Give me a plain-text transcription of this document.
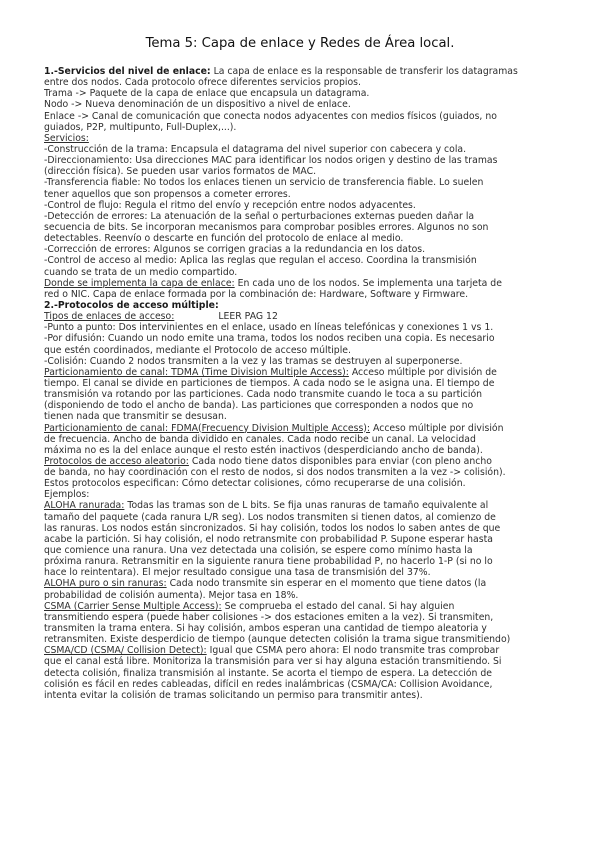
Tema 5: Capa de enlace y Redes de Área local.
1.-Servicios del nivel de enlace: La capa de enlace es la responsable de transferir los datagramas
entre dos nodos. Cada protocolo ofrece diferentes servicios propios.
Trama -> Paquete de la capa de enlace que encapsula un datagrama.
Nodo -> Nueva denominación de un dispositivo a nivel de enlace.
Enlace -> Canal de comunicación que conecta nodos adyacentes con medios físicos (guiados, no
guiados, P2P, multipunto, Full-Duplex,...).
Servicios:
-Construcción de la trama: Encapsula el datagrama del nivel superior con cabecera y cola.
-Direccionamiento: Usa direcciones MAC para identificar los nodos origen y destino de las tramas
(dirección física). Se pueden usar varios formatos de MAC.
-Transferencia fiable: No todos los enlaces tienen un servicio de transferencia fiable. Lo suelen
tener aquellos que son propensos a cometer errores.
-Control de flujo: Regula el ritmo del envío y recepción entre nodos adyacentes.
-Detección de errores: La atenuación de la señal o perturbaciones externas pueden dañar la
secuencia de bits. Se incorporan mecanismos para comprobar posibles errores. Algunos no son
detectables. Reenvío o descarte en función del protocolo de enlace al medio.
-Corrección de errores: Algunos se corrigen gracias a la redundancia en los datos.
-Control de acceso al medio: Aplica las reglas que regulan el acceso. Coordina la transmisión
cuando se trata de un medio compartido.
Donde se implementa la capa de enlace: En cada uno de los nodos. Se implementa una tarjeta de
red o NIC. Capa de enlace formada por la combinación de: Hardware, Software y Firmware.
2.-Protocolos de acceso múltiple:
Tipos de enlaces de acceso:	LEER PAG 12
-Punto a punto: Dos intervinientes en el enlace, usado en líneas telefónicas y conexiones 1 vs 1.
-Por difusión: Cuando un nodo emite una trama, todos los nodos reciben una copia. Es necesario
que estén coordinados, mediante el Protocolo de acceso múltiple.
-Colisión: Cuando 2 nodos transmiten a la vez y las tramas se destruyen al superponerse.
Particionamiento de canal: TDMA (Time Division Multiple Access): Acceso múltiple por división de
tiempo. El canal se divide en particiones de tiempos. A cada nodo se le asigna una. El tiempo de
transmisión va rotando por las particiones. Cada nodo transmite cuando le toca a su partición
(disponiendo de todo el ancho de banda). Las particiones que corresponden a nodos que no
tienen nada que transmitir se desusan.
Particionamiento de canal: FDMA(Frecuency Division Multiple Access): Acceso múltiple por división
de frecuencia. Ancho de banda dividido en canales. Cada nodo recibe un canal. La velocidad
máxima no es la del enlace aunque el resto estén inactivos (desperdiciando ancho de banda).
Protocolos de acceso aleatorio: Cada nodo tiene datos disponibles para enviar (con pleno ancho
de banda, no hay coordinación con el resto de nodos, si dos nodos transmiten a la vez -> colisión).
Estos protocolos especifican: Cómo detectar colisiones, cómo recuperarse de una colisión.
Ejemplos:
ALOHA ranurada: Todas las tramas son de L bits. Se fija unas ranuras de tamaño equivalente al
tamaño del paquete (cada ranura L/R seg). Los nodos transmiten si tienen datos, al comienzo de
las ranuras. Los nodos están sincronizados. Si hay colisión, todos los nodos lo saben antes de que
acabe la partición. Si hay colisión, el nodo retransmite con probabilidad P. Supone esperar hasta
que comience una ranura. Una vez detectada una colisión, se espere como mínimo hasta la
próxima ranura. Retransmitir en la siguiente ranura tiene probabilidad P, no hacerlo 1-P (si no lo
hace lo reintentara). El mejor resultado consigue una tasa de transmisión del 37%.
ALOHA puro o sin ranuras: Cada nodo transmite sin esperar en el momento que tiene datos (la
probabilidad de colisión aumenta). Mejor tasa en 18%.
CSMA (Carrier Sense Multiple Access): Se comprueba el estado del canal. Si hay alguien
transmitiendo espera (puede haber colisiones -> dos estaciones emiten a la vez). Si transmiten,
transmiten la trama entera. Si hay colisión, ambos esperan una cantidad de tiempo aleatoria y
retransmiten. Existe desperdicio de tiempo (aunque detecten colisión la trama sigue transmitiendo)
CSMA/CD (CSMA/ Collision Detect): Igual que CSMA pero ahora: El nodo transmite tras comprobar
que el canal está libre. Monitoriza la transmisión para ver si hay alguna estación transmitiendo. Si
detecta colisión, finaliza transmisión al instante. Se acorta el tiempo de espera. La detección de
colisión es fácil en redes cableadas, difícil en redes inalámbricas (CSMA/CA: Collision Avoidance,
intenta evitar la colisión de tramas solicitando un permiso para transmitir antes).
